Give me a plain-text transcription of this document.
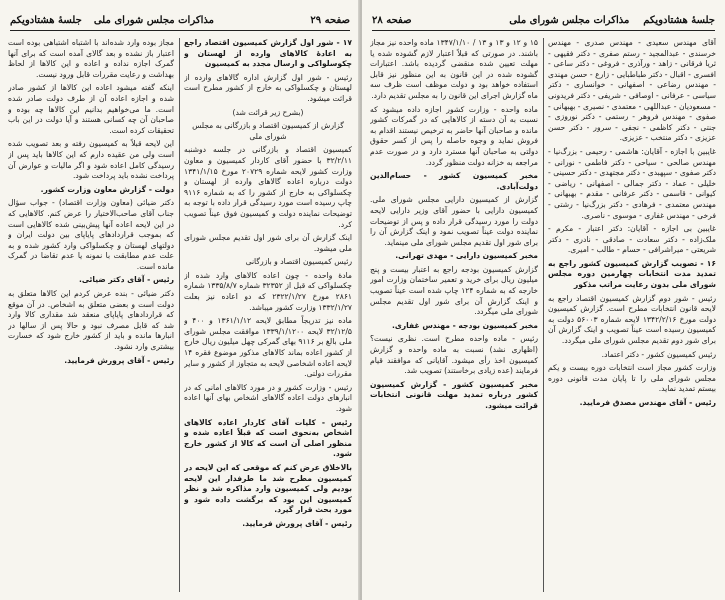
صفحه ۲۹
مذاکرات مجلس شورای ملی
جلسهٔ هشتادویکم

۱۷ - شور اول گزارش کمیسیون اقتصاد راجع به اعادهٔ کالاهای وارده از لهستان و چکوسلواکی و ارسال مجدد به کمیسیون

رئیس - شور اول گزارش اداره گالاهای وارده از لهستان و چکسلواکی به خارج از کشور مطرح است قرائت میشود.

(بشرح زیر قرائت شد)

گزارش از کمیسیون اقتصاد و بازرگانی به مجلس شورای ملی

کمیسیون اقتصاد و بازرگانی در جلسه دوشنبه ۳۲/۲/۱۱ با حضور آقای کاردار کمیسیون و معاون وزارت کشور لایحه شماره ۲۰۷۲۹ مورخ ۱۳۴۱/۱/۱۵ دولت درباره اعاده گالاهای وارده از لهستان و چکسلواکی به خارج از کشور را که به شماره ۹۱۱۶ چاپ رسیده است مورد رسیدگی قرار داده با توجه به توضیحات نماینده دولت و کمیسیون فوق عیناً تصویب کرد.

اینک گزارش آن برای شور اول تقدیم مجلس شورای ملی میشود.

رئیس کمیسیون اقتصاد و بازرگانی

مادهٔ واحده - چون اعاده کالاهای وارد شده از چکسلواکی که قبل از ۳۲۳۵۲ شماره ۱۳۳۵/۸/۷ شماره ۲۸۶۱ مورخ ۲۳۲۲/۱/۲۷ که دو اعاده نیز بعلت ۱۳۳۲/۱/۲۷ وزارت کشور میباشد.

ماده نیز تدریجاً مطابق لایحه ۱۳۶۱/۱/۱۲ و ۴۰۰ و ۳۲/۱۲/۵ لایحه ۱۳۳۹/۱/۱۲۰۰ موافقت مجلس شورای ملی بالغ بر ۹۱۱۶ بهای گمرکی چهل میلیون ریال خارج از کشور اعاده بماند کالاهای مذکور موضوع فقره ۱۴ لایحه اعاده اشخاصی لایحه به متجاوز از کشور و سایر مقررات دولتی.

رئیس - وزارت کشور و در مورد کالاهای امانی که در انبارهای دولت اعاده گالاهای اشخاص بهای آنها اعاده شود.

رئیس - کلیات آقای کاردار اعاده کالاهای اشخاص به‌نحوی است که قبلاً اعاده شده و منظور اصلی آن است که کالا از کشور خارج شود.

بالاخلاق عرض کنم که موقعی که این لایحه در کمیسیون مطرح شد ما طرفدار این لایحه بودیم ولی کمیسیون وارد مذاکره شد و نظر کمیسیون این بود که برگشت داده شود و مورد بحث قرار گیرد.

رئیس - آقای پرورش فرمایید.

مجاز بوده وارد شده‌اند با اشتباه اشتباهی بوده است اعتبار باز نشده و بعد گالای آمده است که برای آنها گمرک اجازه نداده و اعاده و این کالاها از لحاظ بهداشت و رعایت مقررات قابل ورود نیست.

اینکه گفته میشود اعاده این کالاها از کشور صادر شده و اجازه اعاده آن از طرف دولت صادر شده است. ما می‌خواهیم بدانیم این کالاها چه بوده و صاحبان آن چه کسانی هستند و آیا دولت در این باب تحقیقات کرده است.

این لایحه قبلاً به کمیسیون رفته و بعد تصویب شده است ولی من عقیده دارم که این کالاها باید پس از رسیدگی کامل اعاده شود و اگر مالیات و عوارض آن پرداخت نشده باید پرداخت شود.

دولت - گزارش معاون وزارت کشور.

دکتر ضیائی (معاون وزارت اقتصاد) - جواب سؤال جناب آقای صاحب‌الاختیار را عرض کنم. کالاهایی که در این لایحه اعاده آنها پیش‌بینی شده کالاهایی است که بموجب قراردادهای پایاپای بین دولت ایران و دولتهای لهستان و چکسلواکی وارد کشور شده و به علت عدم مطابقت با نمونه یا عدم تقاضا در گمرک مانده است.

رئیس - آقای دکتر ضیائی.

دکتر ضیائی - بنده عرض کردم این کالاها متعلق به دولت است و بعضی متعلق به اشخاص. در آن موقع که قراردادهای پایاپای منعقد شد مقداری کالا وارد شد که قابل مصرف نبود و حالا پس از سالها در انبارها مانده و باید از کشور خارج شود که خسارت بیشتری وارد نشود.

رئیس - آقای پرورش فرمایید.

صفحه ۲۸	مذاکرات مجلس شورای ملی جلسهٔ هشتادویکم

آقای مهندس سعیدی - مهندس صدری - مهندس خرسندی - عبدالمجید - رستم صفری - دکتر فقیهی - ثریا فرقانی - زاهد - ورآذری - فروغی - دکتر ساعی - افسری - اقبال - دکتر طباطبایی - زارع - حسن مهندی - مهندس رضاعی - اصفهانی - خوانساری - دکتر سیاسی - عرفانی - اوصافی - شریفی - دکتر فریدونی - مسعودیان - عبداللهی - معتمدی - نصیری - بهبهانی - صفوی - مهندس فروهر - رستمی - دکتر نوروزی - جنتی - دکتر کاظمی - نجفی - سرور - دکتر حسن عزیزی - دکتر منتخب - عزیزی.

غایبین با اجازه - آقایان: هاشمی - رحیمی - بزرگ‌نیا - مهندس صالحی - سیاحی - دکتر فاطمی - نورانی - دکتر صفوی - سپهبدی - دکتر مجتهدی - دکتر حسینی - خلیلی - عماد - دکتر جمالی - اصفهانی - ریاضی - کیوانی - قاسمی - دکتر عرفانی - مقدم - بهبهانی - مهندس معتمدی - فرهادی - دکتر بزرگ‌نیا - رشتی - فرخی - مهندس غفاری - موسوی - ناصری.

غایبین بی اجازه - آقایان: دکتر اعتبار - مکرم - ملک‌زاده - دکتر سعادت - صادقی - نادری - دکتر شریعتی - میراشرافی - حسام - طالب - امیری.

۱۶ - تصویب گزارش کمیسیون کشور راجع به تمدید مدت انتخابات چهارمین دوره مجلس شورای ملی بدون رعایت مراتب مذکور

رئیس - شور دوم گزارش کمیسیون اقتصاد راجع به لایحه قانون انتخابات مطرح است. گزارش کمیسیون دولت مورخ ۱۳۴۲/۲/۱۶ لایحه شماره ۵۶۰۰۳ دولت به کمیسیون رسیده است عیناً تصویب و اینک گزارش آن برای شور دوم تقدیم مجلس شورای ملی میگردد.

رئیس کمیسیون کشور - دکتر اعتماد.

وزارت کشور مجاز است انتخابات دوره بیست و یکم مجلس شورای ملی را تا پایان مدت قانونی دوره بیستم تمدید نماید.

رئیس - آقای مهندس مصدق فرمایید.

۱۵ و ۱۲ و ۱۳ و ۱۳ / ۱۳۴۷/۱/۱۰ ماده واحده نیز مجاز باشند. در صورتی که قبلاً اعتبار لازم گشوده شده یا مهلت تعیین شده منقضی گردیده باشد. اعتبارات گشوده شده در این قانون به این منظور نیز قابل استفاده خواهد بود و دولت موظف است ظرف سه ماه گزارش اجرای این قانون را به مجلس تقدیم دارد.

ماده واحده - وزارت کشور اجازه داده میشود که نسبت به آن دسته از کالاهایی که در گمرکات کشور مانده و صاحبان آنها حاضر به ترخیص نیستند اقدام به فروش نماید و وجوه حاصله را پس از کسر حقوق دولتی به صاحبان آنها مسترد دارد و در صورت عدم مراجعه به خزانه دولت منظور گردد.

مخبر کمیسیون کشور - حسام‌الدین دولت‌آبادی.

گزارش از کمیسیون دارایی مجلس شورای ملی. کمیسیون دارایی با حضور آقای وزیر دارایی لایحه دولت را مورد رسیدگی قرار داده و پس از توضیحات نماینده دولت عیناً تصویب نمود و اینک گزارش آن را برای شور اول تقدیم مجلس شورای ملی مینماید.

مخبر کمیسیون دارایی - مهدی تهرانی.

گزارش کمیسیون بودجه راجع به اعتبار بیست و پنج میلیون ریال برای خرید و تعمیر ساختمان وزارت امور خارجه که به شماره ۱۲۴ چاپ شده است عیناً تصویب و اینک گزارش آن برای شور اول تقدیم مجلس شورای ملی میگردد.

مخبر کمیسیون بودجه - مهندس غفاری.

رئیس - ماده واحده مطرح است. نظری نیست؟ (اظهاری نشد) نسبت به ماده واحده و گزارش کمیسیون اخذ رأی میشود. آقایانی که موافقند قیام فرمایند (عده زیادی برخاستند) تصویب شد.

مخبر کمیسیون کشور - گزارش کمیسیون کشور درباره تمدید مهلت قانونی انتخابات قرائت میشود.
